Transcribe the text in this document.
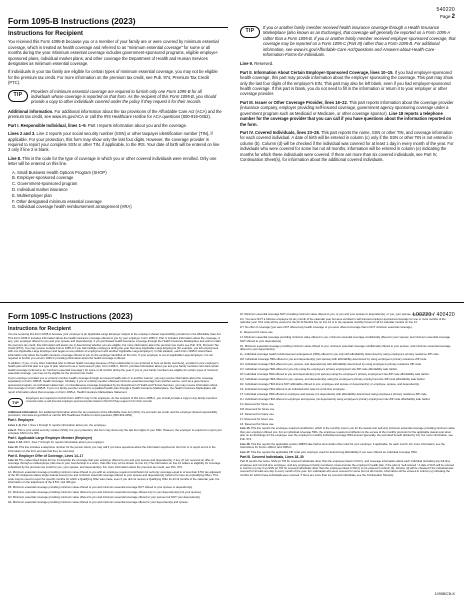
540220
Page 2
Form 1095-B Instructions (2023)
Instructions for Recipient
You received this Form 1095-B because you or a member of your family are or were covered by minimum essential coverage, which is treated as health coverage and referred to as "minimum essential coverage" for some or all months during the year. Minimum essential coverage includes government-sponsored programs, eligible employer-sponsored plans, individual market plans, and other coverage the Department of Health and Human Services designates as minimum essential coverage.
If individuals in your tax family are eligible for certain types of minimum essential coverage, you may not be eligible for the premium tax credit. For more information on the premium tax credit, see Pub. 974, Premium Tax Credit (PTC).
TIP
Providers of minimum essential coverage are required to furnish only one Form 1095-B for all individuals whose coverage is reported on that form. As the recipient of this Form 1095-B, you should provide a copy to other individuals covered under the policy if they request it for their records.
Additional information. For additional information about the tax provisions of the Affordable Care Act (ACA) and the premium tax credit, see www.irs.gov/ACA or call the IRS Healthcare Hotline for ACA questions (800-919-0452).
Part I. Responsible Individual, lines 1–9. Part I reports information about you and the coverage.
Lines 2 and 3. Line 2 reports your social security number (SSN) or other taxpayer identification number (TIN), if applicable. For your protection, this form may show only the last four digits. However, the coverage provider is required to report your complete SSN or other TIN, if applicable, to the IRS. Your date of birth will be entered on line 3 only if line 2 is blank.
Line 8. This is the code for the type of coverage in which you or other covered individuals were enrolled. Only one letter will be entered on this line.
A. Small Business Health Options Program (SHOP)
B. Employer-sponsored coverage
C. Government-sponsored program
D. Individual market insurance
E. Multiemployer plan
F. Other designated minimum essential coverage
G. Individual coverage health reimbursement arrangement (HRA)
TIP
If you or another family member received health insurance coverage through a Health Insurance Marketplace (also known as an Exchange), that coverage will generally be reported on a Form 1095-A rather than a Form 1095-B. If you or another family member received employer-sponsored coverage, that coverage may be reported on a Form 1095-C (Part III) rather than a Form 1095-B. For additional information, see www.irs.gov/Affordable-Care-Act/Questions-and-Answers-about-Health-Care-Information-Forms-for-Individuals.
Line 9. Reserved.
Part II. Information About Certain Employer-Sponsored Coverage, lines 10–15. If you had employer-sponsored health coverage, this part may provide information about the employer sponsoring the coverage. This part may show only the last four digits of the employer's EIN. This part may also be left blank, even if you had employer-sponsored health coverage. If this part is blank, you do not need to fill in the information or return it to your employer or other coverage provider.
Part III. Issuer or Other Coverage Provider, lines 16–22. This part reports information about the coverage provider (insurance company, employer providing self-insured coverage, government agency sponsoring coverage under a government program such as Medicaid or Medicare, or other coverage sponsor). Line 18 reports a telephone number for the coverage provider that you can call if you have questions about the information reported on the form.
Part IV. Covered Individuals, lines 23–28. This part reports the name, SSN or other TIN, and coverage information for each covered individual. A date of birth will be entered in column (c) only if the SSN or other TIN is not entered in column (b). Column (d) will be checked if the individual was covered for at least 1 day in every month of the year. For individuals who were covered for some but not all months, information will be entered in column (e) indicating the months for which these individuals were covered. If there are more than six covered individuals, see Part IV, Continuation Sheet(s), for information about the additional covered individuals.
L00220 / 400420
Form 1095-C Instructions (2023)
Instructions for Recipient
You are receiving this Form 1095-C because your employer is an Applicable Large Employer subject to the employer shared responsibility provisions in the Affordable Care Act. This Form 1095-C includes information about the health insurance coverage offered to you by your employer. Form 1095-C, Part II, includes information about the coverage, if any, your employer offered to you and your spouse and dependent(s). If you purchased health insurance coverage through the Health Insurance Marketplace and wish to claim the premium tax credit, this information will assist you in determining whether you are eligible. For more information about the premium tax credit, see Pub. 974, Premium Tax Credit (PTC). You may receive multiple Forms 1095-C if you had multiple employers during the year that were Applicable Large Employers (for example, you left employment with one Applicable Large Employer and began a new position of employment with another Applicable Large Employer). In that situation, each Form 1095-C would have information only about the health insurance coverage offered to you by the employer identified on the form. If your employer is not an Applicable Large Employer, it is not required to furnish you a Form 1095-C providing information about the health coverage it offered.
In addition, if you, or any other individual who is offered health coverage because of their relationship to you (referred to here as family members), enrolled in your employer's health plan and that plan is a type of plan referred to as a "self-insured" plan, Form 1095-C, Part III, provides information about you and your family members who had certain health coverage (referred to as "minimum essential coverage") for some or all months during the year. If you or your family members are eligible for certain types of minimum essential coverage, you may not be eligible for the premium tax credit.
If your employer provided you or a family member health coverage through an insured health plan or in another manner, you may receive information about the coverage separately on Form 1095-B, Health Coverage. Similarly, if you or a family member obtained minimum essential coverage from another source, such as a government-sponsored program, an individual market plan, or miscellaneous coverage designated by the Department of Health and Human Services, you may receive information about that coverage on Form 1095-B. If you or a family member enrolled in a qualified health plan through a Health Insurance Marketplace, the Health Insurance Marketplace will report information about that coverage on Form 1095-A, Health Insurance Marketplace Statement.
TIP
Employers are required to furnish Form 1095-C only to the employee. As the recipient of this Form 1095-C, you should provide a copy to any family members covered under a self-insured employer-sponsored plan listed in Part III if they request it for their records.
Additional information. For additional information about the tax provisions of the Affordable Care Act (ACA), the premium tax credit, and the employer shared responsibility provisions, visit www.irs.gov/ACA or call the IRS Healthcare Hotline for ACA questions (800-919-0452).
Part I. Employee
Lines 1–8. Part I, lines 1 through 8, reports information about you, the employee.
Line 2. This is your social security number (SSN). For your protection, this form may show only the last four digits of your SSN. However, the employer is required to report your complete SSN to the IRS.
Part I. Applicable Large Employer Member (Employer)
Lines 7–13. Part I, lines 7 through 13, reports information about your employer.
Line 10. This line includes a telephone number for the person whom you may call if you have questions about the information reported on the form or to report errors in the information on the form and ask that they be corrected.
Part II. Employer Offer of Coverage, Lines 14–17
Line 14. The codes listed below for line 14 describe the coverage that your employer offered to you and your spouse and dependent(s), if any. (If you received an offer of coverage through a multiemployer plan due to your membership in a union, that offer may not be shown on line 14.) The information on line 14 relates to eligibility for coverage subsidized by the premium tax credit for you, your spouse, and dependent(s). For more information about the premium tax credit, see Pub. 974.
1A. Minimum essential coverage providing minimum value offered to you with an employee required contribution for self-only coverage equal to or less than 9.5% (as adjusted) of the 48 contiguous states single federal poverty line and minimum essential coverage offered to your spouse and dependent(s) (referred to here as a Qualifying Offer). This code may be used to report for specific months for which a Qualifying Offer was made, even if you did not receive a Qualifying Offer for all 12 months of the calendar year. For information on the adjustment of the 9.5%, visit IRS.gov.
1B. Minimum essential coverage providing minimum value offered to you and minimum essential coverage NOT offered to your spouse or dependent(s).
1C. Minimum essential coverage providing minimum value offered to you and minimum essential coverage offered only to your dependent(s) (not your spouse).
1D. Minimum essential coverage providing minimum value offered to you and minimum essential coverage offered to your spouse but NOT your dependent(s).
1E. Minimum essential coverage providing minimum value offered to you and minimum essential coverage offered to your dependent(s) and spouse.
1F. Minimum essential coverage NOT providing minimum value offered to you, or you and your spouse or dependent(s), or you, your spouse, and dependent(s).
1G. You were NOT a full-time employee for any month of the calendar year but were enrolled in self-insured employer-sponsored coverage for one or more months of the calendar year. This code will be entered in the All 12 Months box on line 14 or in the separate monthly boxes for all 12 calendar months on line 14.
1H. No offer of coverage (you were NOT offered any health coverage or you were offered coverage that is NOT minimum essential coverage).
1I. Reserved for future use.
1J. Minimum essential coverage providing minimum value offered to you; minimum essential coverage conditionally offered to your spouse; and minimum essential coverage NOT offered to your dependent(s).
1K. Minimum essential coverage providing minimum value offered to you; minimum essential coverage conditionally offered to your spouse; and minimum essential coverage offered to your dependent(s).
1L. Individual coverage health reimbursement arrangement (HRA) offered to you only with affordability determined by using employee's primary residence ZIP code.
1M. Individual coverage HRA offered to you and dependent(s) (not spouse) with affordability determined by using employee's primary residence ZIP code.
1N. Individual coverage HRA offered to you, spouse, and dependent(s) with affordability determined by using employee's primary residence ZIP code.
1O. Individual coverage HRA offered to you only using the employee's primary employment site ZIP code affordability safe harbor.
1P. Individual coverage HRA offered to you and dependent(s) (not spouse) using the employee's primary employment site ZIP code affordability safe harbor.
1Q. Individual coverage HRA offered to you, spouse, and dependent(s) using the employee's primary employment site ZIP code affordability safe harbor.
1R. Individual coverage HRA that is NOT affordable offered to you; employee and spouse or dependent(s); or employee, spouse, and dependent(s).
1S. Individual coverage HRA offered to an individual who was not a full-time employee.
1T. Individual coverage HRA offered to employee and spouse (no dependents) with affordability determined using employee's primary residence ZIP code.
1U. Individual coverage HRA offered to employee and spouse (no dependents) using employee's primary employment site ZIP code affordability safe harbor.
1V. Reserved for future use.
1W. Reserved for future use.
1X. Reserved for future use.
1Y. Reserved for future use.
1Z. Reserved for future use.
Line 15. This line reports the employee required contribution, which is the monthly cost to you for the lowest-cost self-only minimum essential coverage providing minimum value that your employer offered you. For an individual coverage HRA, the employee required contribution is the excess of the monthly premium for the applicable lowest-cost silver plan on an Exchange for the employee over the employer's monthly individual coverage HRA amount (generally, the permitted benefit divided by 12). For more information, see Pub. 974.
Line 16. This line reports the applicable section 4980H safe harbor and certain other relief for your employer, if applicable, for each month. For more information, see the Instructions for Forms 1094-C and 1095-C.
Line 17. This line reports the applicable ZIP code your employer used for determining affordability if you were offered an individual coverage HRA.
Part III. Covered Individuals, Lines 18–30
Part III reports the name, SSN (or TIN for covered individuals other than the employee listed in Part I), and coverage information about each individual (including any full-time employee and non-full-time employee, and any employee's family members) covered under the employer's health plan, if the plan is "self-insured." A date of birth will be entered in column (c) only if an SSN (or TIN for covered individuals other than the employee listed in Part I) is not entered in column (b). Column (d) will be checked if the individual was covered for at least one day in every month of the year. For individuals who were covered for some but not all months, information will be entered in column (e) indicating the months for which these individuals were covered. If there are more than six covered individuals, see the Continuation Sheet(s).
1095BC3LK
